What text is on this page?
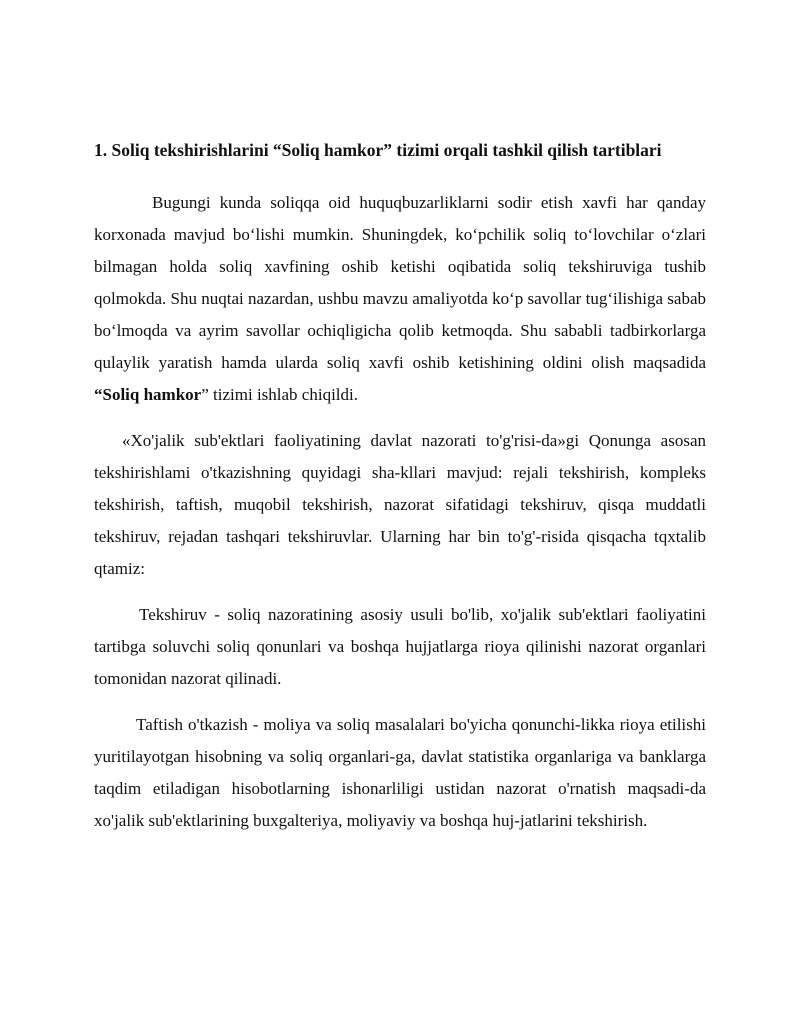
1. Soliq tekshirishlarini “Soliq hamkor” tizimi orqali tashkil qilish tartiblari

Bugungi kunda soliqqa oid huquqbuzarliklarni sodir etish xavfi har qanday korxonada mavjud bo‘lishi mumkin. Shuningdek, ko‘pchilik soliq to‘lovchilar o‘zlari bilmagan holda soliq xavfining oshib ketishi oqibatida soliq tekshiruviga tushib qolmokda. Shu nuqtai nazardan, ushbu mavzu amaliyotda ko‘p savollar tug‘ilishiga sabab bo‘lmoqda va ayrim savollar ochiqligicha qolib ketmoqda. Shu sababli tadbirkorlarga qulaylik yaratish hamda ularda soliq xavfi oshib ketishining oldini olish maqsadida “Soliq hamkor” tizimi ishlab chiqildi.

«Xo'jalik sub'ektlari faoliyatining davlat nazorati to'g'risi-da»gi Qonunga asosan tekshirishlami o'tkazishning quyidagi sha-kllari mavjud: rejali tekshirish, kompleks tekshirish, taftish, muqobil tekshirish, nazorat sifatidagi tekshiruv, qisqa muddatli tekshiruv, rejadan tashqari tekshiruvlar. Ularning har bin to'g'-risida qisqacha tqxtalib qtamiz:

Tekshiruv - soliq nazoratining asosiy usuli bo'lib, xo'jalik sub'ektlari faoliyatini tartibga soluvchi soliq qonunlari va boshqa hujjatlarga rioya qilinishi nazorat organlari tomonidan nazorat qilinadi.

Taftish o'tkazish - moliya va soliq masalalari bo'yicha qonunchi-likka rioya etilishi yuritilayotgan hisobning va soliq organlari-ga, davlat statistika organlariga va banklarga taqdim etiladigan hisobotlarning ishonarliligi ustidan nazorat o'rnatish maqsadi-da xo'jalik sub'ektlarining buxgalteriya, moliyaviy va boshqa huj-jatlarini tekshirish.
